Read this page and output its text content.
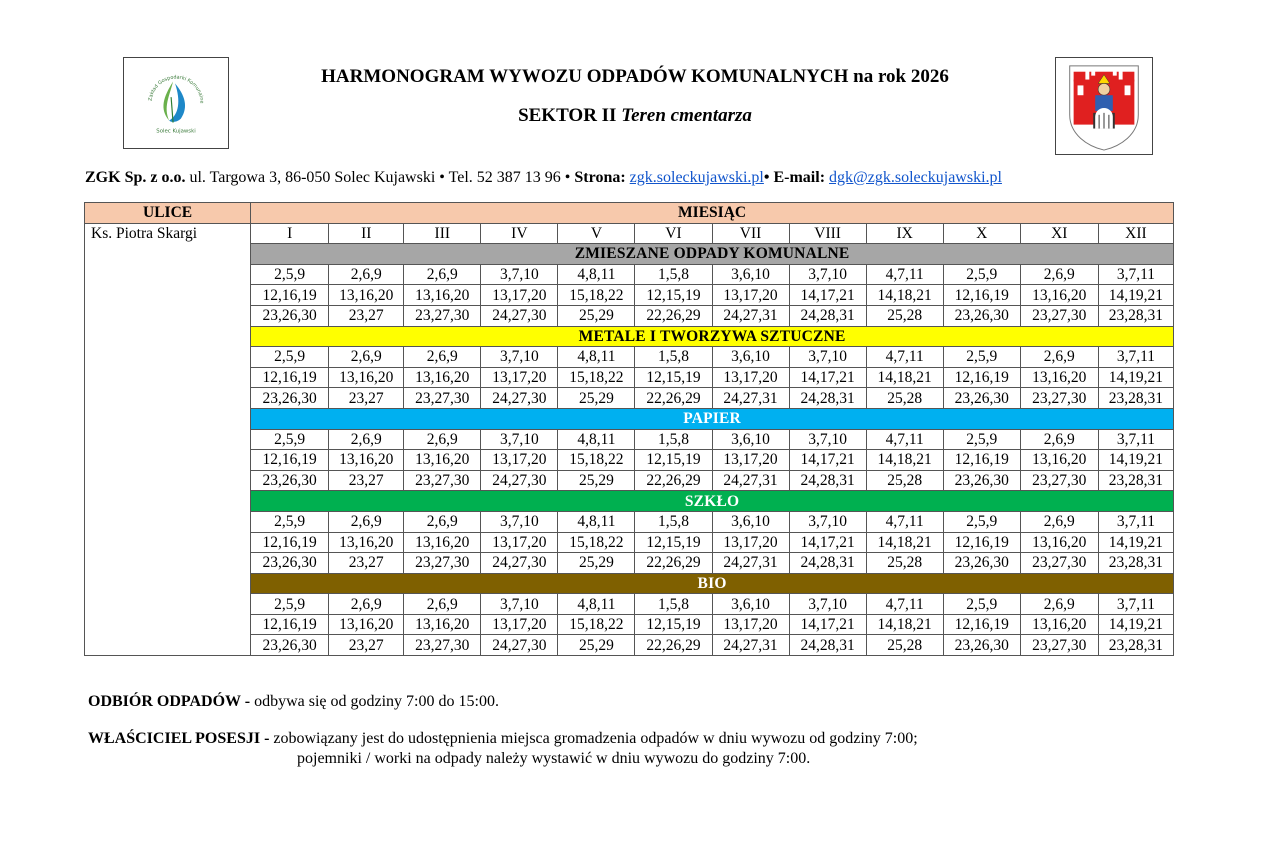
Zakład Gospodarki Komunalne
Solec Kujawski
HARMONOGRAM WYWOZU ODPADÓW KOMUNALNYCH na rok 2026
SEKTOR II Teren cmentarza
ZGK Sp. z o.o. ul. Targowa 3, 86-050 Solec Kujawski • Tel. 52 387 13 96 • Strona: zgk.soleckujawski.pl• E-mail: dgk@zgk.soleckujawski.pl
ULICE	MIESIĄC											
Ks. Piotra Skargi	I	II	III	IV	V	VI	VII	VIII	IX	X	XI	XII
	ZMIESZANE ODPADY KOMUNALNE											
	2,5,9	2,6,9	2,6,9	3,7,10	4,8,11	1,5,8	3,6,10	3,7,10	4,7,11	2,5,9	2,6,9	3,7,11
	12,16,19	13,16,20	13,16,20	13,17,20	15,18,22	12,15,19	13,17,20	14,17,21	14,18,21	12,16,19	13,16,20	14,19,21
	23,26,30	23,27	23,27,30	24,27,30	25,29	22,26,29	24,27,31	24,28,31	25,28	23,26,30	23,27,30	23,28,31
	METALE I TWORZYWA SZTUCZNE											
	2,5,9	2,6,9	2,6,9	3,7,10	4,8,11	1,5,8	3,6,10	3,7,10	4,7,11	2,5,9	2,6,9	3,7,11
	12,16,19	13,16,20	13,16,20	13,17,20	15,18,22	12,15,19	13,17,20	14,17,21	14,18,21	12,16,19	13,16,20	14,19,21
	23,26,30	23,27	23,27,30	24,27,30	25,29	22,26,29	24,27,31	24,28,31	25,28	23,26,30	23,27,30	23,28,31
	PAPIER											
	2,5,9	2,6,9	2,6,9	3,7,10	4,8,11	1,5,8	3,6,10	3,7,10	4,7,11	2,5,9	2,6,9	3,7,11
	12,16,19	13,16,20	13,16,20	13,17,20	15,18,22	12,15,19	13,17,20	14,17,21	14,18,21	12,16,19	13,16,20	14,19,21
	23,26,30	23,27	23,27,30	24,27,30	25,29	22,26,29	24,27,31	24,28,31	25,28	23,26,30	23,27,30	23,28,31
	SZKŁO											
	2,5,9	2,6,9	2,6,9	3,7,10	4,8,11	1,5,8	3,6,10	3,7,10	4,7,11	2,5,9	2,6,9	3,7,11
	12,16,19	13,16,20	13,16,20	13,17,20	15,18,22	12,15,19	13,17,20	14,17,21	14,18,21	12,16,19	13,16,20	14,19,21
	23,26,30	23,27	23,27,30	24,27,30	25,29	22,26,29	24,27,31	24,28,31	25,28	23,26,30	23,27,30	23,28,31
	BIO											
	2,5,9	2,6,9	2,6,9	3,7,10	4,8,11	1,5,8	3,6,10	3,7,10	4,7,11	2,5,9	2,6,9	3,7,11
	12,16,19	13,16,20	13,16,20	13,17,20	15,18,22	12,15,19	13,17,20	14,17,21	14,18,21	12,16,19	13,16,20	14,19,21
	23,26,30	23,27	23,27,30	24,27,30	25,29	22,26,29	24,27,31	24,28,31	25,28	23,26,30	23,27,30	23,28,31
ODBIÓR ODPADÓW - odbywa się od godziny 7:00 do 15:00.
WŁAŚCICIEL POSESJI - zobowiązany jest do udostępnienia miejsca gromadzenia odpadów w dniu wywozu od godziny 7:00;
pojemniki / worki na odpady należy wystawić w dniu wywozu do godziny 7:00.
